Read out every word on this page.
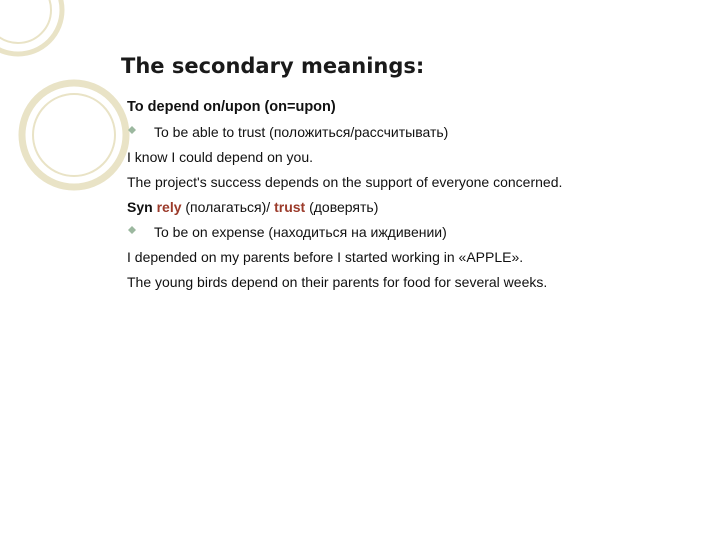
The secondary meanings:
To depend on/upon (on=upon)
To be able to trust (положиться/рассчитывать)
I know I could depend on you.
The project's success depends on the support of everyone concerned.
Syn rely (полагаться)/ trust (доверять)
To be on expense (находиться на иждивении)
I depended on my parents before I started working in «APPLE».
The young birds depend on their parents for food for several weeks.
